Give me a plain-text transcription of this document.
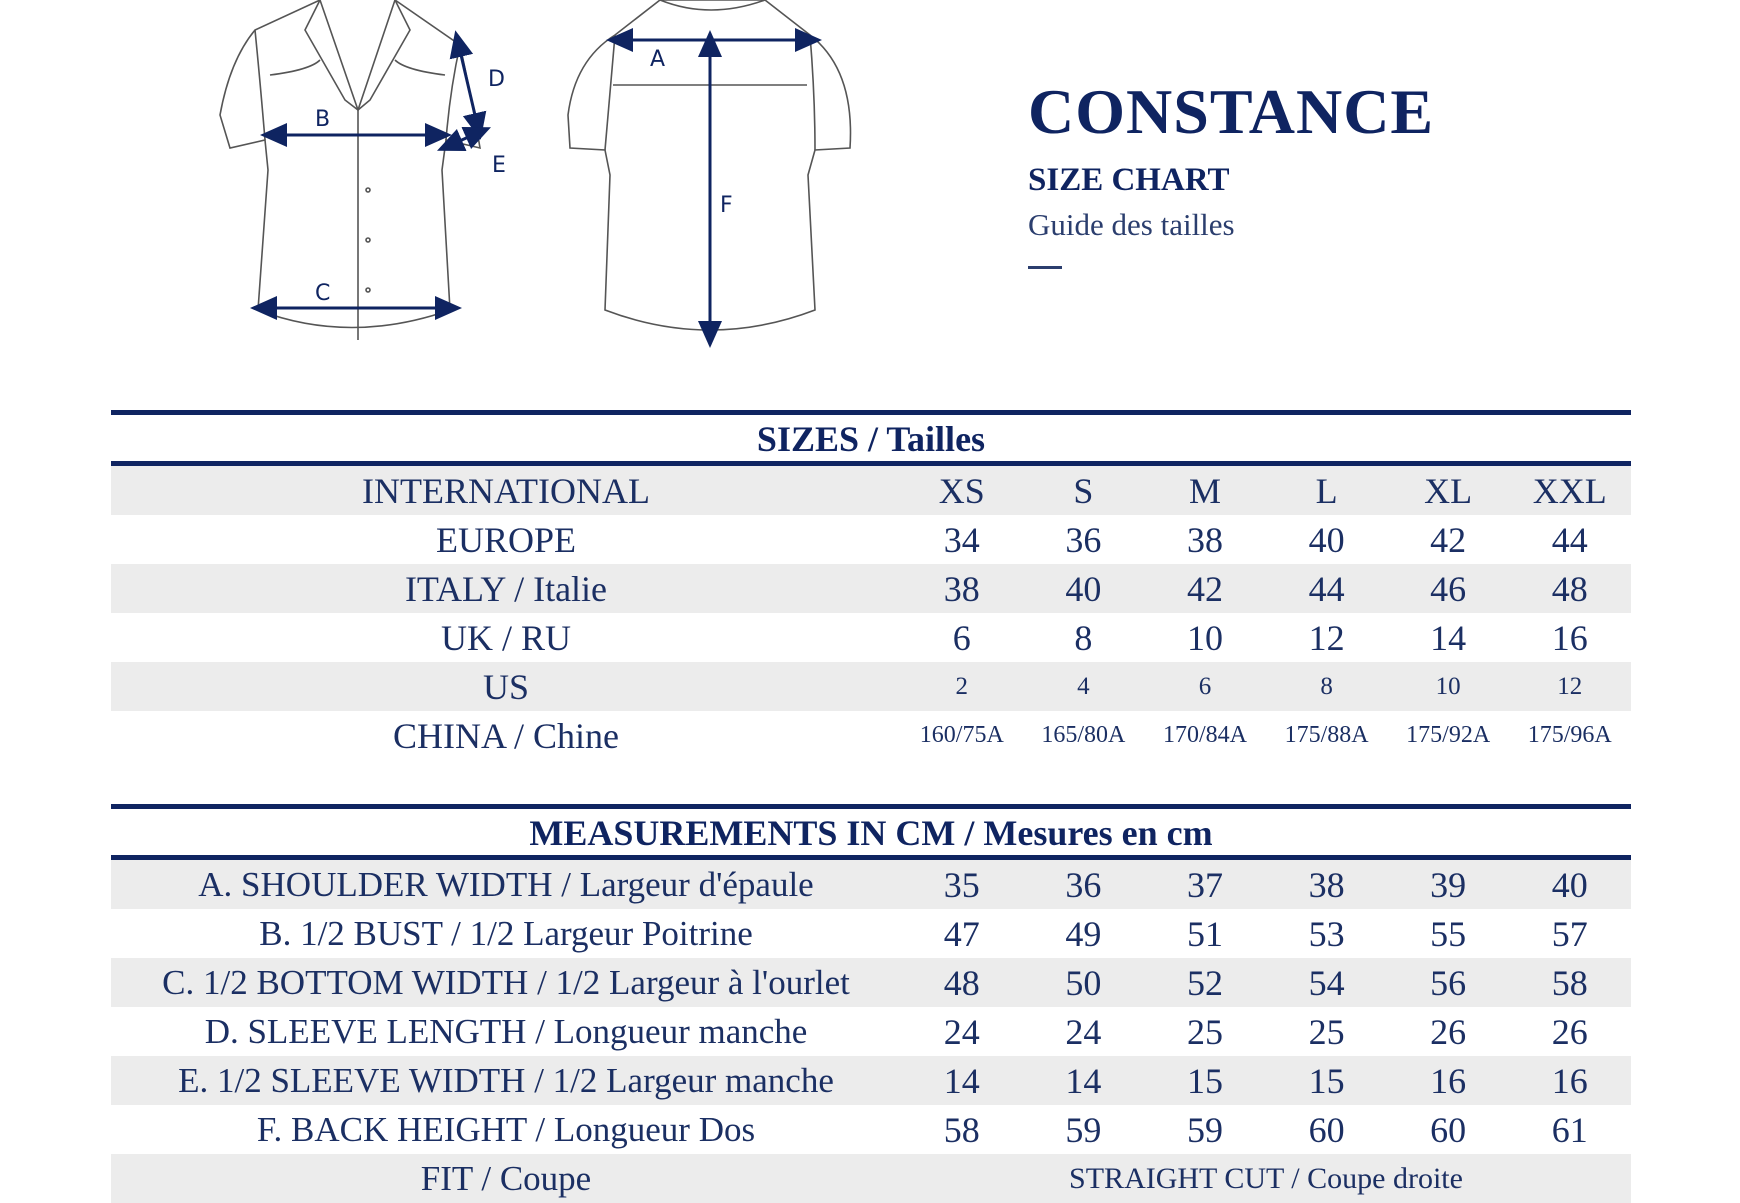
B
C
D
E
A
F
CONSTANCE
SIZE CHART
Guide des tailles
SIZES / Tailles
INTERNATIONAL	XS	S	M	L	XL	XXL
EUROPE	34	36	38	40	42	44
ITALY / Italie	38	40	42	44	46	48
UK / RU	6	8	10	12	14	16
US	2	4	6	8	10	12
CHINA / Chine	160/75A	165/80A	170/84A	175/88A	175/92A	175/96A
MEASUREMENTS IN CM / Mesures en cm
A. SHOULDER WIDTH / Largeur d'épaule	35	36	37	38	39	40
B. 1/2 BUST / 1/2 Largeur Poitrine	47	49	51	53	55	57
C. 1/2 BOTTOM WIDTH / 1/2 Largeur à l'ourlet	48	50	52	54	56	58
D. SLEEVE LENGTH / Longueur manche	24	24	25	25	26	26
E. 1/2 SLEEVE WIDTH / 1/2 Largeur manche	14	14	15	15	16	16
F. BACK HEIGHT / Longueur Dos	58	59	59	60	60	61
FIT / Coupe	STRAIGHT CUT / Coupe droite
